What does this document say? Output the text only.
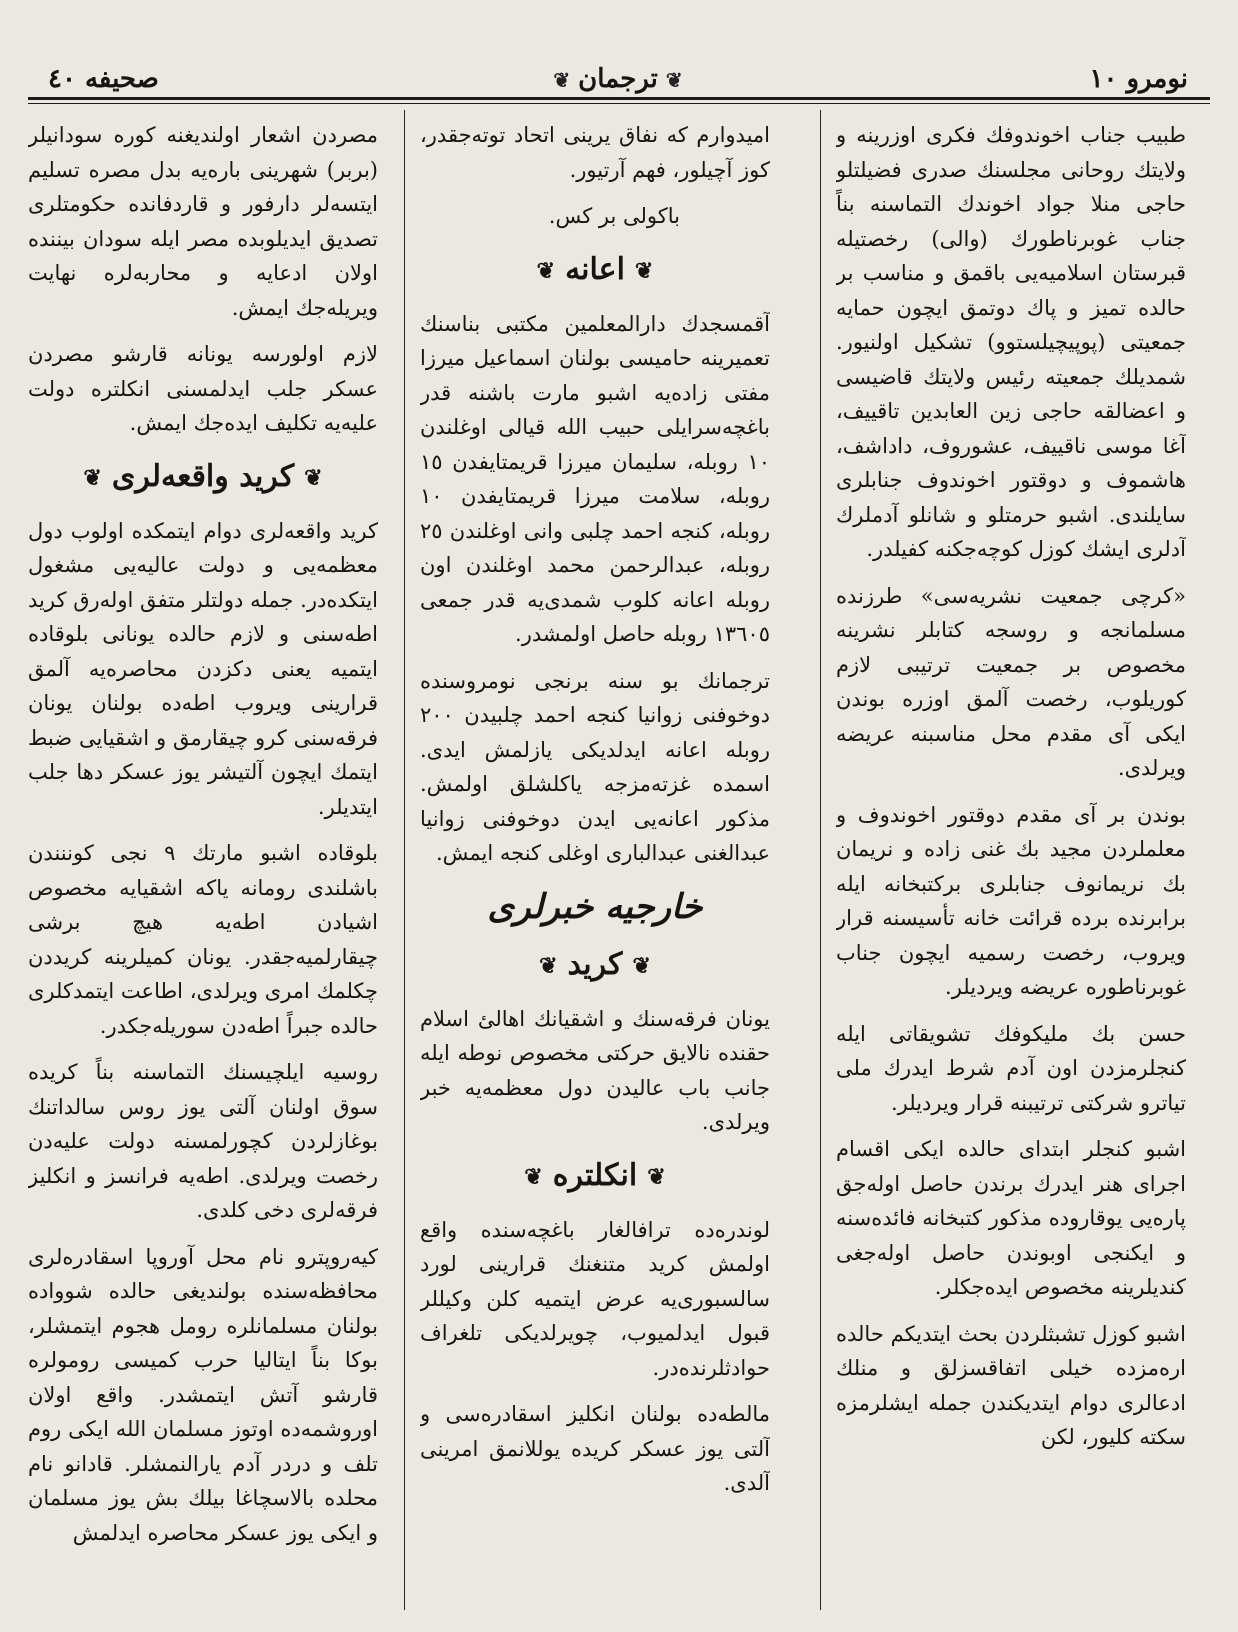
نومرو ١٠
❦ترجمان❦
صحیفه ٤٠

طبيب جناب اخوندوفك فكرى اوزرينه و ولايتك روحانى مجلسنك صدرى فضيلتلو حاجى منلا جواد اخوندك التماسنه بناً جناب غوبرناطورك (والى) رخصتيله قبرستان اسلاميه‌يى باقمق و مناسب بر حالده تميز و پاك دوتمق ايچون حمايه جمعيتى (پوپيچيلستوو) تشكيل اولنيور. شمديلك جمعيته رئيس ولايتك قاضيسى و اعضالقه حاجى زين العابدين تاقييف، آغا موسى ناقييف، عشوروف، داداشف، هاشموف و دوقتور اخوندوف جنابلرى سايلندى. اشبو حرمتلو و شانلو آدملرك آدلرى ايشك كوزل كوچه‌جكنه كفيلدر.

«كرچى جمعيت نشريه‌سى» طرزنده مسلمانجه و روسجه كتابلر نشرينه مخصوص بر جمعيت ترتيبى لازم كوريلوب، رخصت آلمق اوزره بوندن ايكى آى مقدم محل مناسبنه عريضه ويرلدى.

بوندن بر آى مقدم دوقتور اخوندوف و معلملردن مجيد بك غنى زاده و نريمان بك نريمانوف جنابلرى بركتبخانه ايله برابرنده برده قرائت خانه تأسيسنه قرار ويروب، رخصت رسميه ايچون جناب غوبرناطوره عريضه ويرديلر.

حسن بك مليكوفك تشويقاتى ايله كنجلرمزدن اون آدم شرط ايدرك ملى تياترو شركتى ترتيبنه قرار ويرديلر.

اشبو كنجلر ابتداى حالده ايكى اقسام اجراى هنر ايدرك برندن حاصل اوله‌جق پاره‌يى يوقاروده مذكور كتبخانه فائده‌سنه و ايكنجى اوبوندن حاصل اوله‌جغى كنديلرينه مخصوص ايده‌جكلر.

اشبو كوزل تشبثلردن بحث ايتديكم حالده اره‌مزده خيلى اتفاقسزلق و منلك ادعالرى دوام ايتديكندن جمله ايشلرمزه سكته كليور، لكن

اميدوارم كه نفاق يرينى اتحاد توته‌جقدر، كوز آچيلور، فهم آرتيور.

باكولى بر كس.

❦اعانه❦

آقمسجدك دارالمعلمين مكتبى بناسنك تعميرينه حاميسى بولنان اسماعيل ميرزا مفتى زاده‌يه اشبو مارت باشنه قدر باغچه‌سرايلى حبيب الله قيالى اوغلندن ١٠ روبله، سليمان ميرزا قريمتايفدن ١٥ روبله، سلامت ميرزا قريمتايفدن ١٠ روبله، كنجه احمد چلبى وانى اوغلندن ٢٥ روبله، عبدالرحمن محمد اوغلندن اون روبله اعانه كلوب شمدى‌يه قدر جمعى ١٣٦٠٥ روبله حاصل اولمشدر.

ترجمانك بو سنه برنجى نومروسنده دوخوفنى زوانيا كنجه احمد چلبيدن ٢٠٠ روبله اعانه ايدلديكى يازلمش ايدى. اسمده غزته‌مزجه ياكلشلق اولمش. مذكور اعانه‌يى ايدن دوخوفنى زوانيا عبدالغنى عبدالبارى اوغلى كنجه ايمش.

خارجيه خبرلرى
❦كريد❦

يونان فرقه‌سنك و اشقيانك اهالئ اسلام حقنده نالايق حركتى مخصوص نوطه ايله جانب باب عاليدن دول معظمه‌يه خبر ويرلدى.

❦انكلتره❦

لوندره‌ده ترافالغار باغچه‌سنده واقع اولمش كريد متنغنك قرارينى لورد سالسبورى‌يه عرض ايتميه كلن وكيللر قبول ايدلميوب، چويرلديكى تلغراف حوادثلرنده‌در.

مالطه‌ده بولنان انكليز اسقادره‌سى و آلتى يوز عسكر كريده يوللانمق امرينى آلدى.

مصردن اشعار اولنديغنه كوره سودانيلر (بربر) شهرينى باره‌يه بدل مصره تسليم ايتسه‌لر دارفور و قاردفانده حكومتلرى تصديق ايديلوبده مصر ايله سودان بيننده اولان ادعايه و محاربه‌لره نهايت ويريله‌جك ايمش.

لازم اولورسه يونانه قارشو مصردن عسكر جلب ايدلمسنى انكلتره دولت عليه‌يه تكليف ايده‌جك ايمش.

❦كريد واقعه‌لرى❦

كريد واقعه‌لرى دوام ايتمكده اولوب دول معظمه‌يى و دولت عاليه‌يى مشغول ايتكده‌در. جمله دولتلر متفق اوله‌رق كريد اطه‌سنى و لازم حالده يونانى بلوقاده ايتميه يعنى دكزدن محاصره‌يه آلمق قرارينى ويروب اطه‌ده بولنان يونان فرقه‌سنى كرو چيقارمق و اشقيايى ضبط ايتمك ايچون آلتيشر يوز عسكر دها جلب ايتديلر.

بلوقاده اشبو مارتك ٩ نجى كوننندن باشلندى رومانه ياكه اشقيايه مخصوص اشيادن اطه‌يه هيچ برشى چيقارلميه‌جقدر. يونان كميلرينه كريددن چكلمك امرى ويرلدى، اطاعت ايتمدكلرى حالده جبراً اطه‌دن سوريله‌جكدر.

روسيه ايلچيسنك التماسنه بناً كريده سوق اولنان آلتى يوز روس سالداتنك بوغازلردن كچورلمسنه دولت عليه‌دن رخصت ويرلدى. اطه‌يه فرانسز و انكليز فرقه‌لرى دخى كلدى.

كيه‌روپترو نام محل آوروپا اسقادره‌لرى محافظه‌سنده بولنديغى حالده شوواده بولنان مسلمانلره رومل هجوم ايتمشلر، بوكا بناً ايتاليا حرب كميسى رومولره قارشو آتش ايتمشدر. واقع اولان اوروشمه‌ده اوتوز مسلمان الله ايكى روم تلف و دردر آدم يارالنمشلر. قادانو نام محلده بالاسچاغا بيلك بش يوز مسلمان و ايكى يوز عسكر محاصره ايدلمش
